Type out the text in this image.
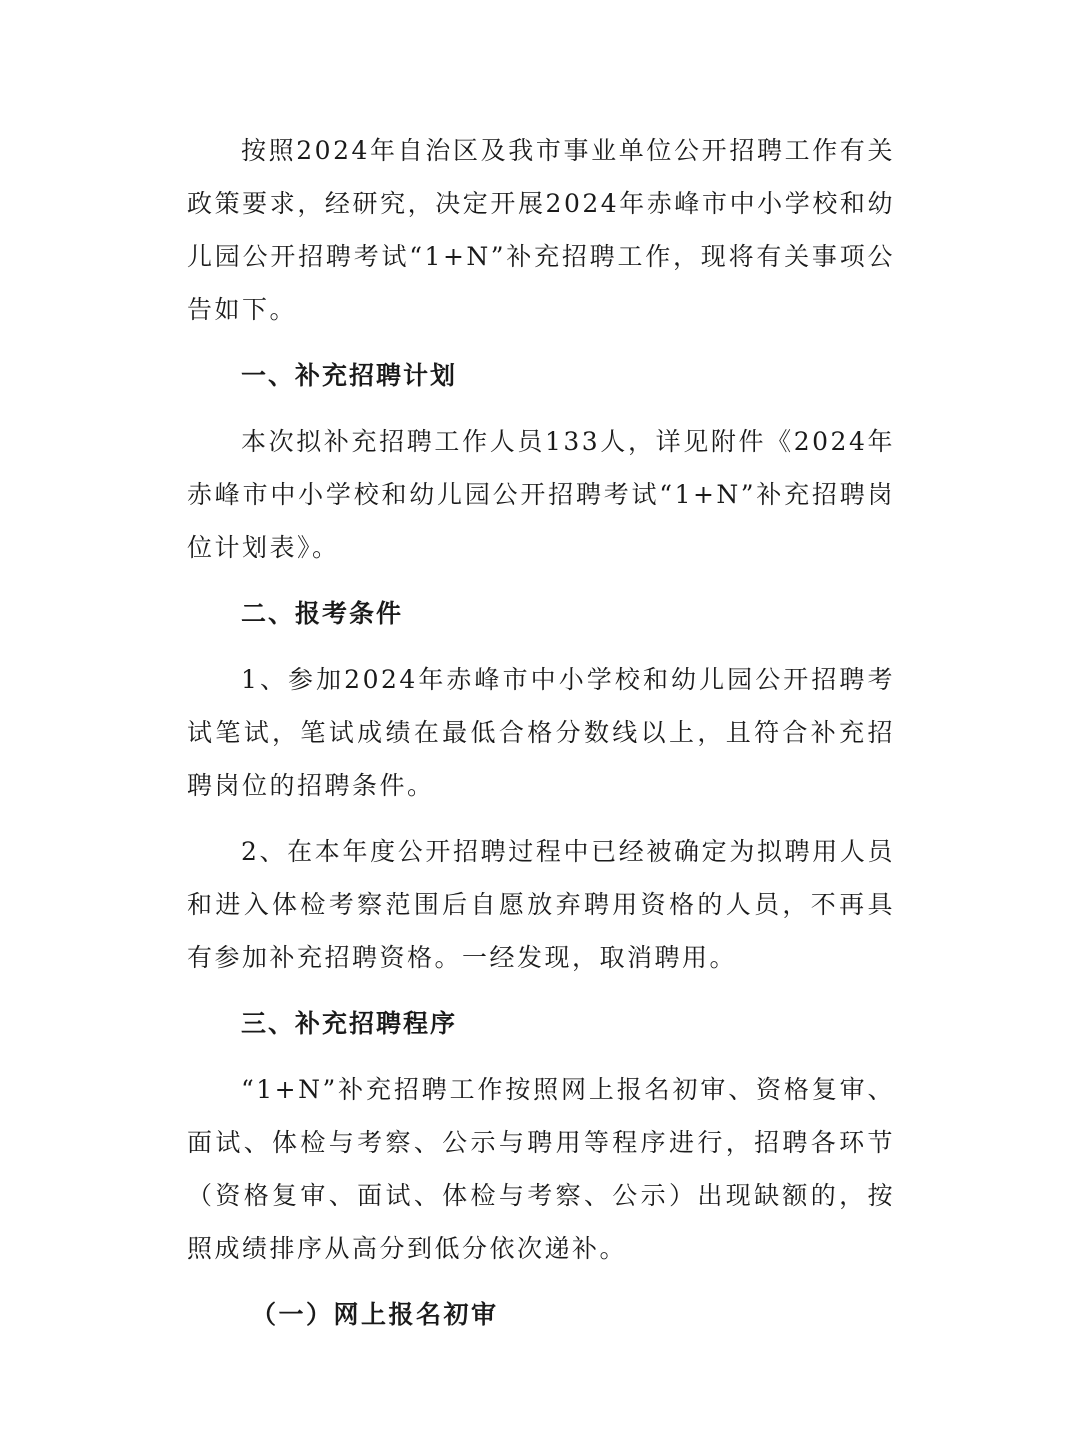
按照2024年自治区及我市事业单位公开招聘工作有关政策要求，经研究，决定开展2024年赤峰市中小学校和幼儿园公开招聘考试“1+N”补充招聘工作，现将有关事项公告如下。

一、补充招聘计划

本次拟补充招聘工作人员133人，详见附件《2024年赤峰市中小学校和幼儿园公开招聘考试“1+N”补充招聘岗位计划表》。

二、报考条件

1、参加2024年赤峰市中小学校和幼儿园公开招聘考试笔试，笔试成绩在最低合格分数线以上，且符合补充招聘岗位的招聘条件。

2、在本年度公开招聘过程中已经被确定为拟聘用人员和进入体检考察范围后自愿放弃聘用资格的人员，不再具有参加补充招聘资格。一经发现，取消聘用。

三、补充招聘程序

“1+N”补充招聘工作按照网上报名初审、资格复审、面试、体检与考察、公示与聘用等程序进行，招聘各环节（资格复审、面试、体检与考察、公示）出现缺额的，按照成绩排序从高分到低分依次递补。

（一）网上报名初审
